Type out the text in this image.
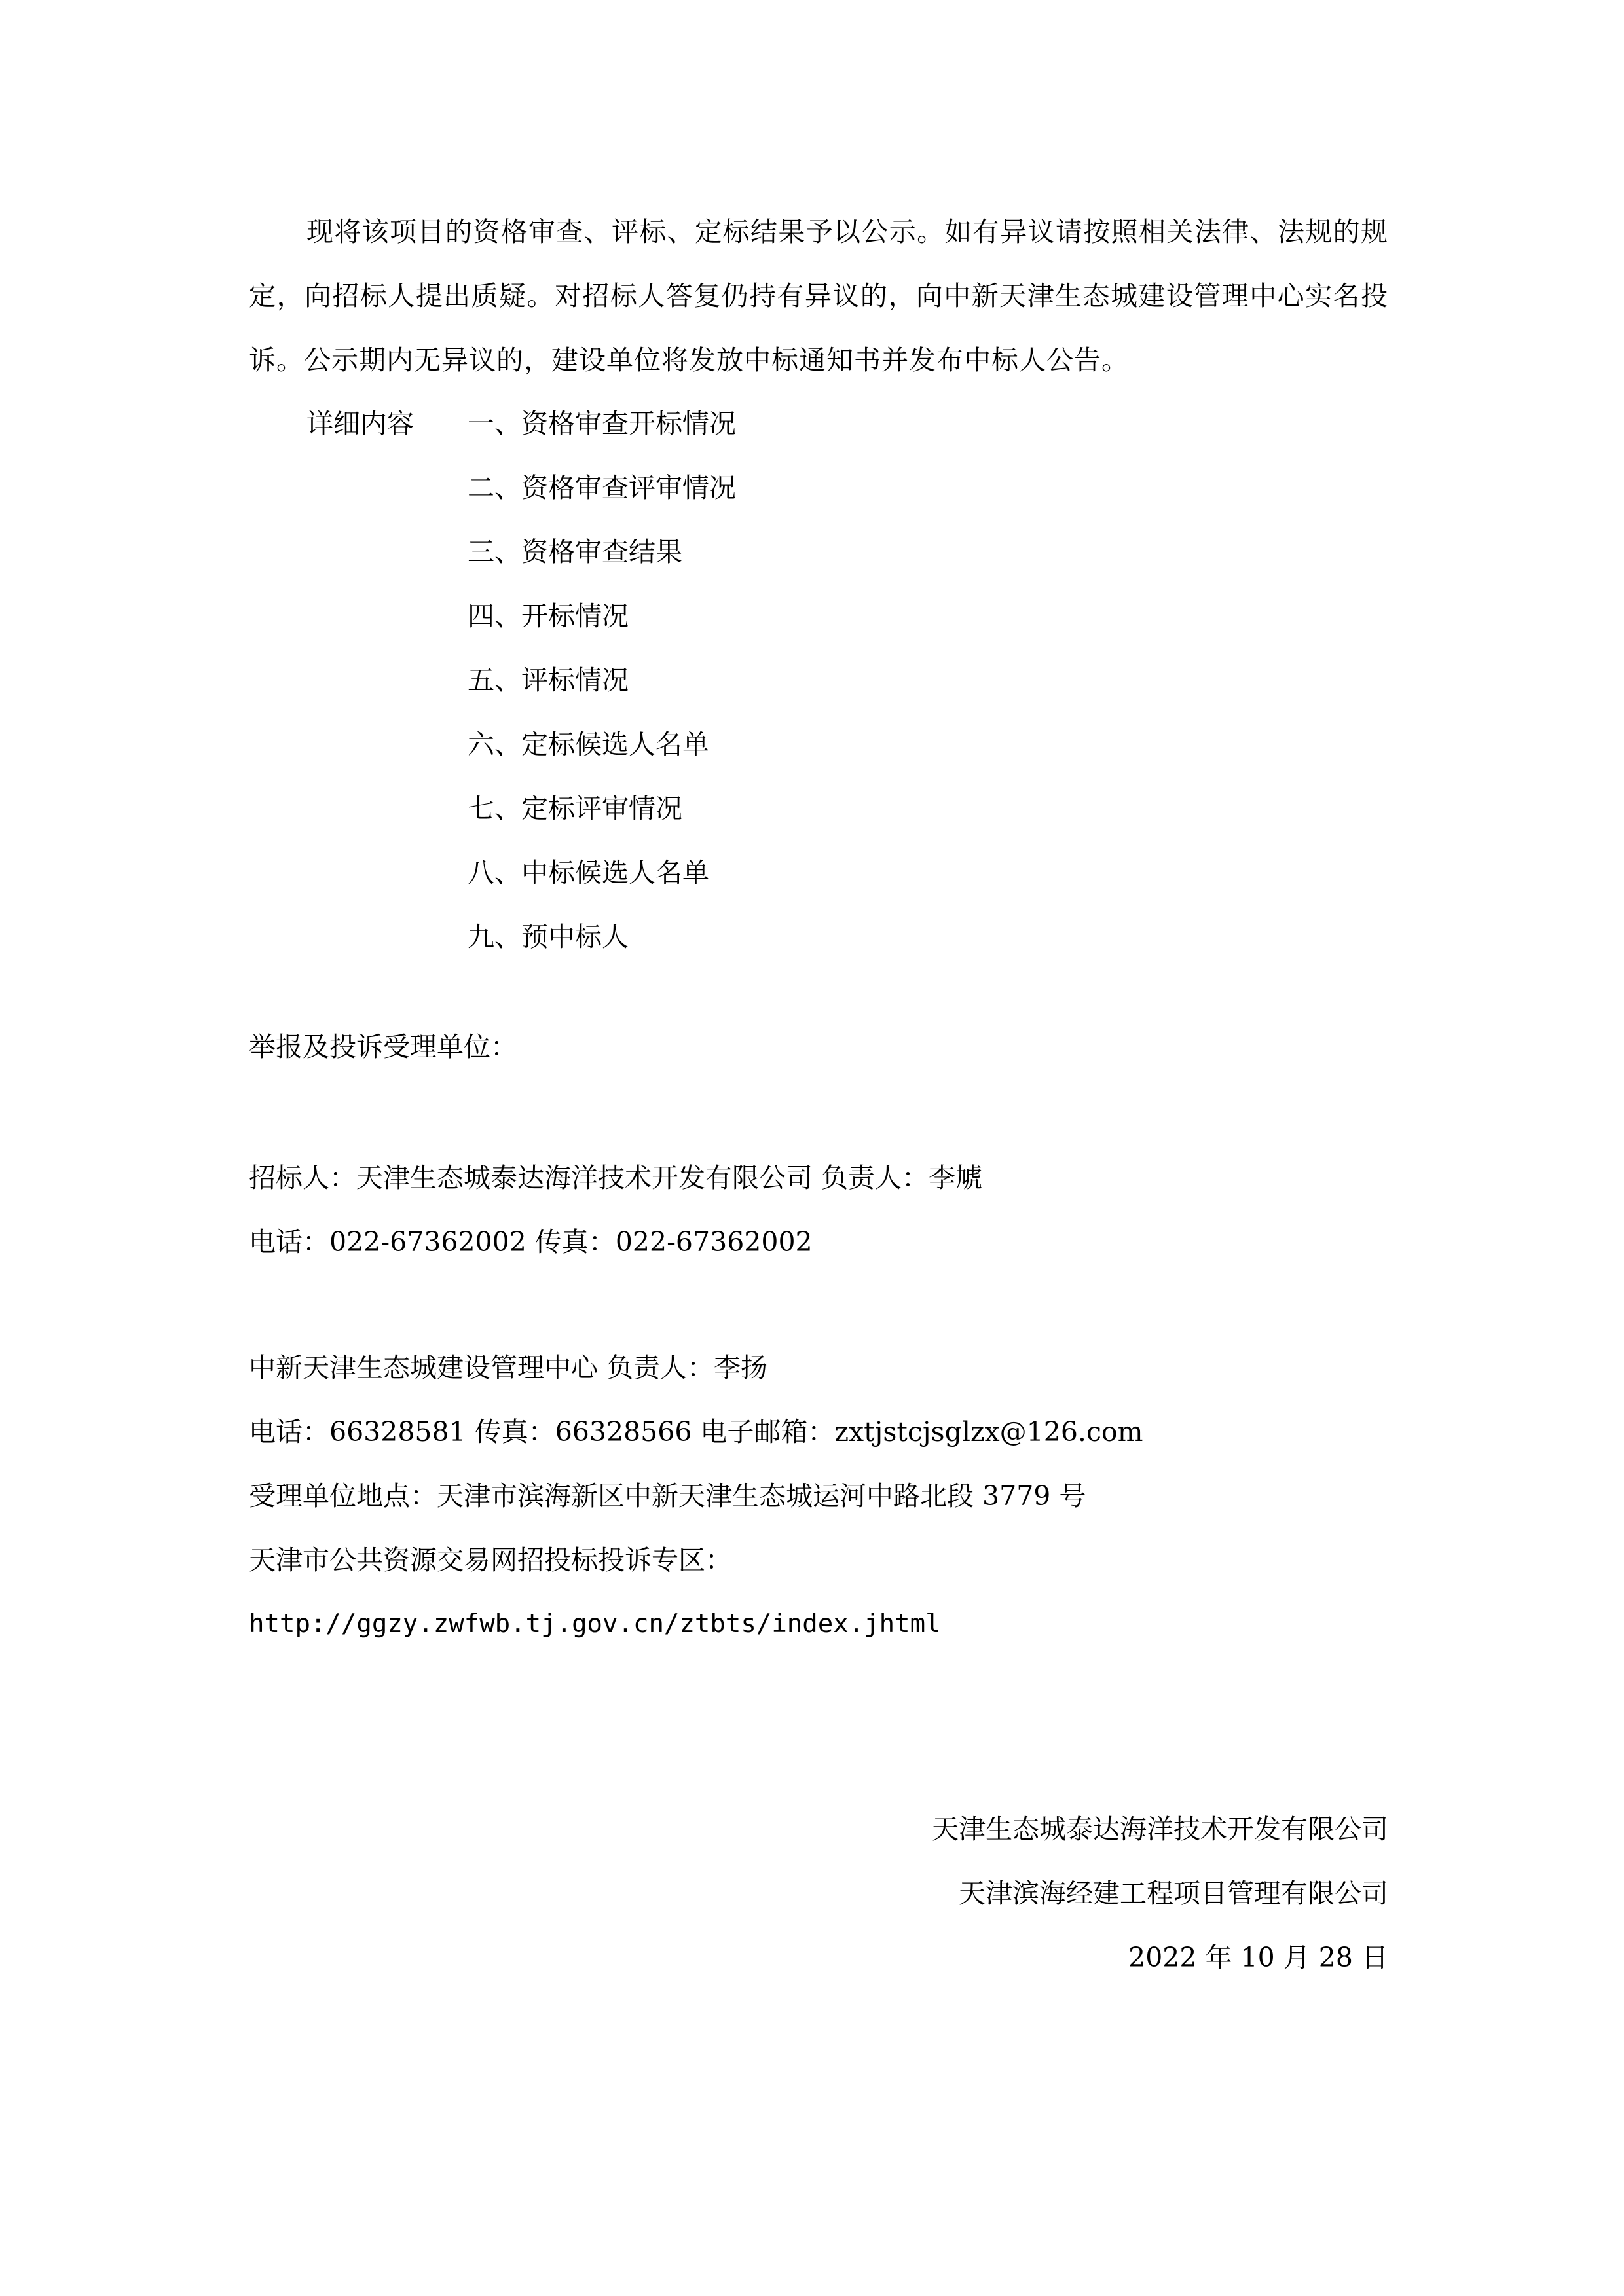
现将该项目的资格审查、评标、定标结果予以公示。如有异议请按照相关法律、法规的规定，向招标人提出质疑。对招标人答复仍持有异议的，向中新天津生态城建设管理中心实名投诉。公示期内无异议的，建设单位将发放中标通知书并发布中标人公告。

详细内容 一、资格审查开标情况
二、资格审查评审情况
三、资格审查结果
四、开标情况
五、评标情况
六、定标候选人名单
七、定标评审情况
八、中标候选人名单
九、预中标人
举报及投诉受理单位：
招标人：天津生态城泰达海洋技术开发有限公司 负责人：李虓
电话：022-67362002 传真：022-67362002
中新天津生态城建设管理中心 负责人：李扬
电话：66328581 传真：66328566 电子邮箱：zxtjstcjsglzx@126.com
受理单位地点：天津市滨海新区中新天津生态城运河中路北段 3779 号
天津市公共资源交易网招投标投诉专区：
http://ggzy.zwfwb.tj.gov.cn/ztbts/index.jhtml
天津生态城泰达海洋技术开发有限公司
天津滨海经建工程项目管理有限公司
2022 年 10 月 28 日
